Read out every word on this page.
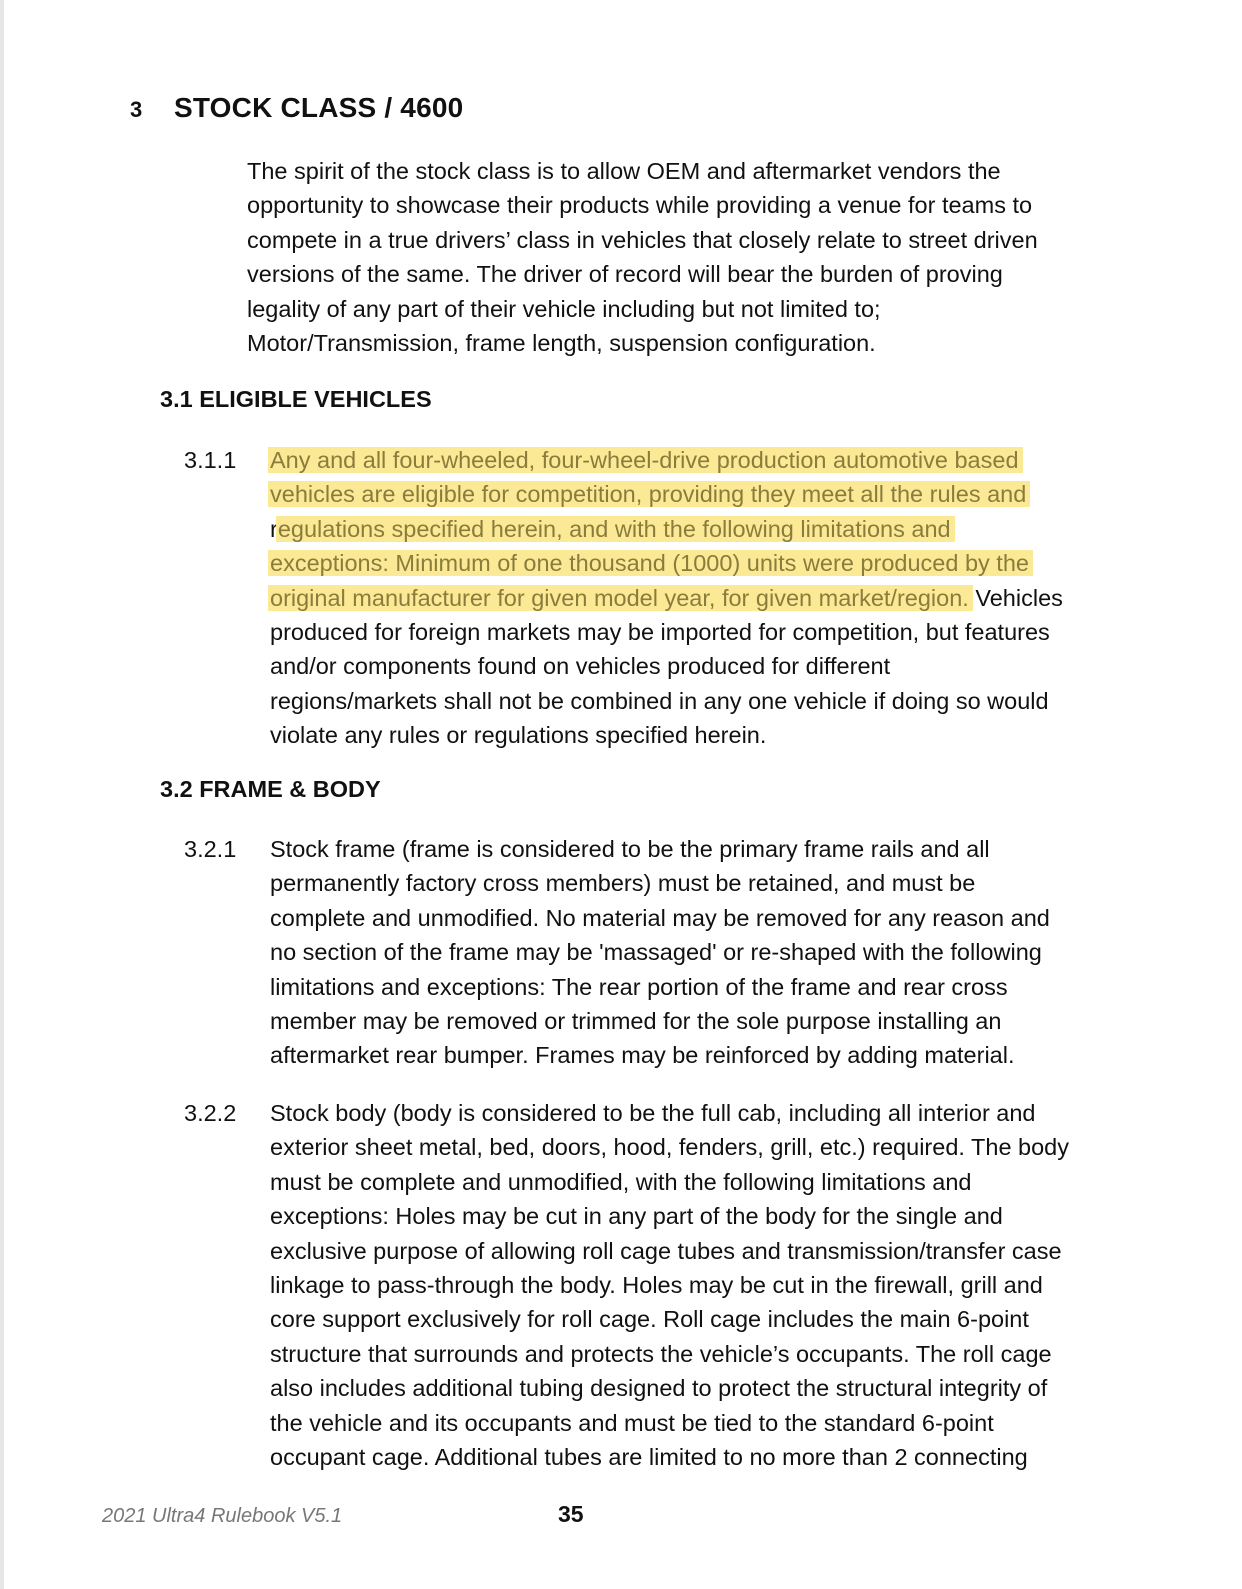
3 STOCK CLASS / 4600
The spirit of the stock class is to allow OEM and aftermarket vendors the
opportunity to showcase their products while providing a venue for teams to
compete in a true drivers’ class in vehicles that closely relate to street driven
versions of the same. The driver of record will bear the burden of proving
legality of any part of their vehicle including but not limited to;
Motor/Transmission, frame length, suspension configuration.
3.1 ELIGIBLE VEHICLES
3.1.1 Any and all four-wheeled, four-wheel-drive production automotive based
vehicles are eligible for competition, providing they meet all the rules and
regulations specified herein, and with the following limitations and
exceptions: Minimum of one thousand (1000) units were produced by the
original manufacturer for given model year, for given market/region. Vehicles
produced for foreign markets may be imported for competition, but features
and/or components found on vehicles produced for different
regions/markets shall not be combined in any one vehicle if doing so would
violate any rules or regulations specified herein.
3.2 FRAME & BODY
3.2.1 Stock frame (frame is considered to be the primary frame rails and all
permanently factory cross members) must be retained, and must be
complete and unmodified. No material may be removed for any reason and
no section of the frame may be 'massaged' or re-shaped with the following
limitations and exceptions: The rear portion of the frame and rear cross
member may be removed or trimmed for the sole purpose installing an
aftermarket rear bumper. Frames may be reinforced by adding material.
3.2.2 Stock body (body is considered to be the full cab, including all interior and
exterior sheet metal, bed, doors, hood, fenders, grill, etc.) required. The body
must be complete and unmodified, with the following limitations and
exceptions: Holes may be cut in any part of the body for the single and
exclusive purpose of allowing roll cage tubes and transmission/transfer case
linkage to pass-through the body. Holes may be cut in the firewall, grill and
core support exclusively for roll cage. Roll cage includes the main 6-point
structure that surrounds and protects the vehicle’s occupants. The roll cage
also includes additional tubing designed to protect the structural integrity of
the vehicle and its occupants and must be tied to the standard 6-point
occupant cage. Additional tubes are limited to no more than 2 connecting
2021 Ultra4 Rulebook V5.1	35
